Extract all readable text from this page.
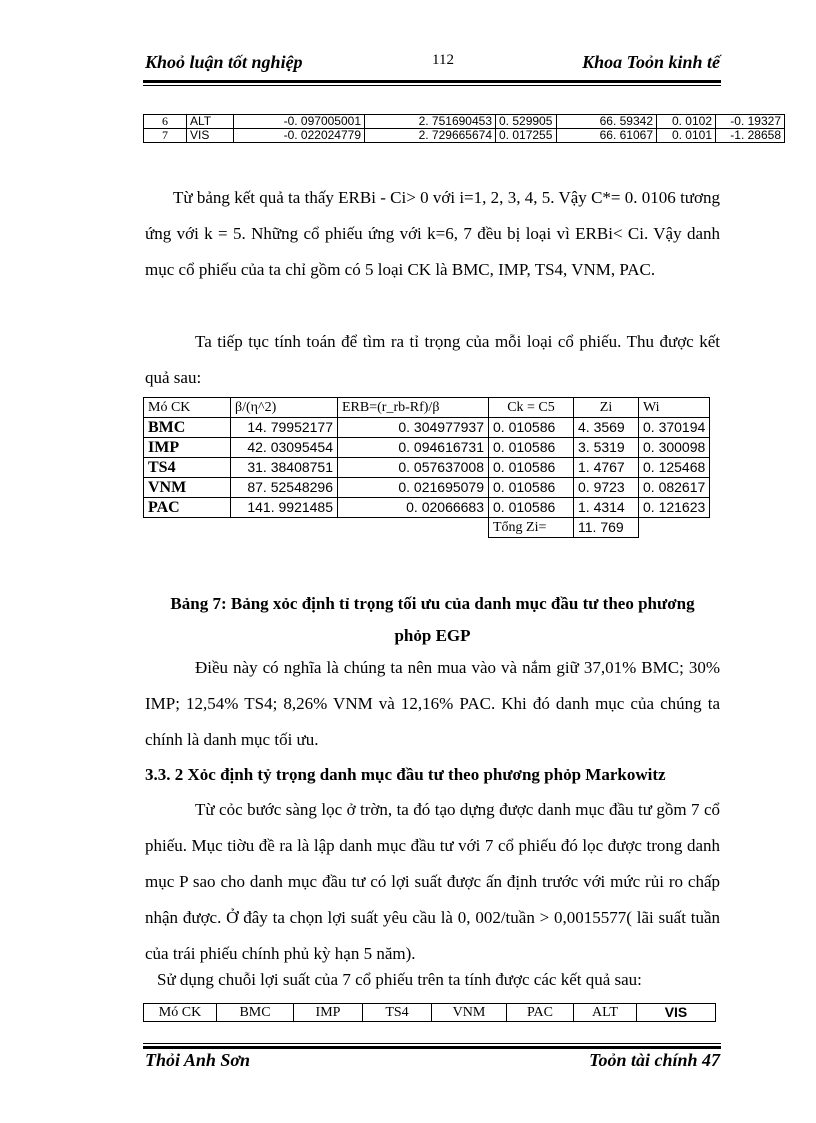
Khoỏ luận tốt nghiệp	112	Khoa Toỏn kinh tế
6	ALT	-0. 097005001	2. 751690453	0. 529905	66. 59342	0. 0102	-0. 19327
7	VIS	-0. 022024779	2. 729665674	0. 017255	66. 61067	0. 0101	-1. 28658

Từ bảng kết quả ta thấy ERBi - Ci> 0 với i=1, 2, 3, 4, 5. Vậy C*= 0. 0106 tương ứng với k = 5. Những cổ phiếu ứng với k=6, 7 đều bị loại vì ERBi< Ci. Vậy danh mục cổ phiếu của ta chỉ gồm có 5 loại CK là BMC, IMP, TS4, VNM, PAC.

Ta tiếp tục tính toán để tìm ra tỉ trọng của mỗi loại cổ phiếu. Thu được kết quả sau:

Mó CK	β/(η^2)	ERB=(r_rb-Rf)/β	Ck = C5	Zi	Wi
BMC	14. 79952177	0. 304977937	0. 010586	4. 3569	0. 370194
IMP	42. 03095454	0. 094616731	0. 010586	3. 5319	0. 300098
TS4	31. 38408751	0. 057637008	0. 010586	1. 4767	0. 125468
VNM	87. 52548296	0. 021695079	0. 010586	0. 9723	0. 082617
PAC	141. 9921485	0. 02066683	0. 010586	1. 4314	0. 121623
			Tổng Zi=	11. 769	
Bảng 7: Bảng xỏc định tỉ trọng tối ưu của danh mục đầu tư theo phương
phỏp EGP

Điều này có nghĩa là chúng ta nên mua vào và nắm giữ 37,01% BMC; 30% IMP; 12,54% TS4; 8,26% VNM và 12,16% PAC. Khi đó danh mục của chúng ta chính là danh mục tối ưu.

3.3. 2 Xỏc định tỷ trọng danh mục đầu tư theo phương phỏp Markowitz

Từ cỏc bước sàng lọc ở trờn, ta đó tạo dựng được danh mục đầu tư gồm 7 cổ phiếu. Mục tiờu đề ra là lập danh mục đầu tư với 7 cổ phiếu đó lọc được trong danh mục P sao cho danh mục đầu tư có lợi suất được ấn định trước với mức rủi ro chấp nhận được. Ở đây ta chọn lợi suất yêu cầu là 0, 002/tuần > 0,0015577( lãi suất tuần của trái phiếu chính phủ kỳ hạn 5 năm).

Sử dụng chuỗi lợi suất của 7 cổ phiếu trên ta tính được các kết quả sau:

Mó CK	BMC	IMP	TS4	VNM	PAC	ALT	VIS
Thỏi Anh Sơn	Toỏn tài chính 47
